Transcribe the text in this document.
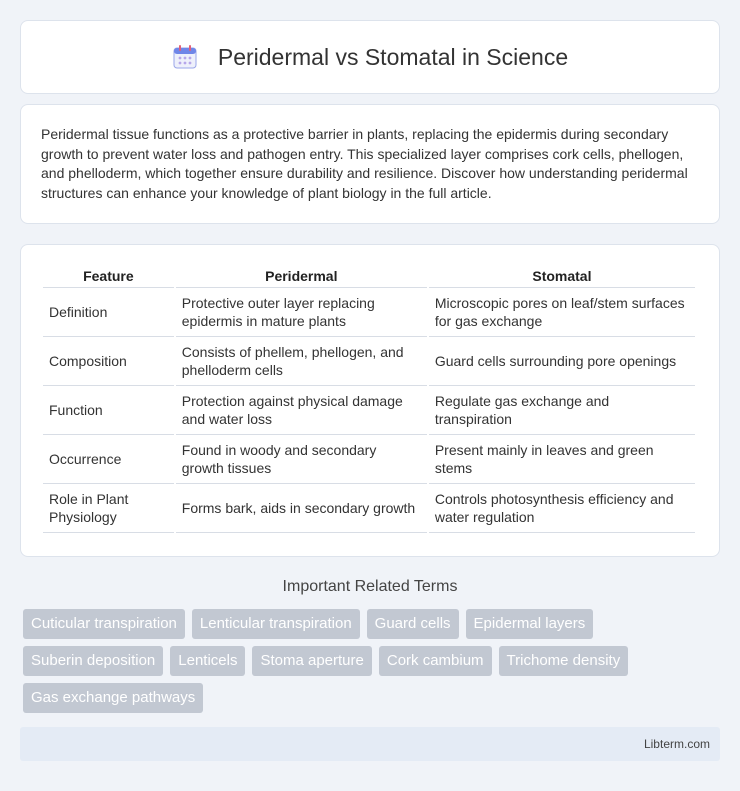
Peridermal vs Stomatal in Science

Peridermal tissue functions as a protective barrier in plants, replacing the epidermis during secondary growth to prevent water loss and pathogen entry. This specialized layer comprises cork cells, phellogen, and phelloderm, which together ensure durability and resilience. Discover how understanding peridermal structures can enhance your knowledge of plant biology in the full article.

Feature	Peridermal	Stomatal
Definition	Protective outer layer replacing epidermis in mature plants	Microscopic pores on leaf/stem surfaces for gas exchange
Composition	Consists of phellem, phellogen, and phelloderm cells	Guard cells surrounding pore openings
Function	Protection against physical damage and water loss	Regulate gas exchange and transpiration
Occurrence	Found in woody and secondary growth tissues	Present mainly in leaves and green stems
Role in Plant Physiology	Forms bark, aids in secondary growth	Controls photosynthesis efficiency and water regulation
Important Related Terms
Cuticular transpiration	Lenticular transpiration	Guard cells	Epidermal layers
Suberin deposition	Lenticels	Stoma aperture	Cork cambium	Trichome density
Gas exchange pathways
Libterm.com
